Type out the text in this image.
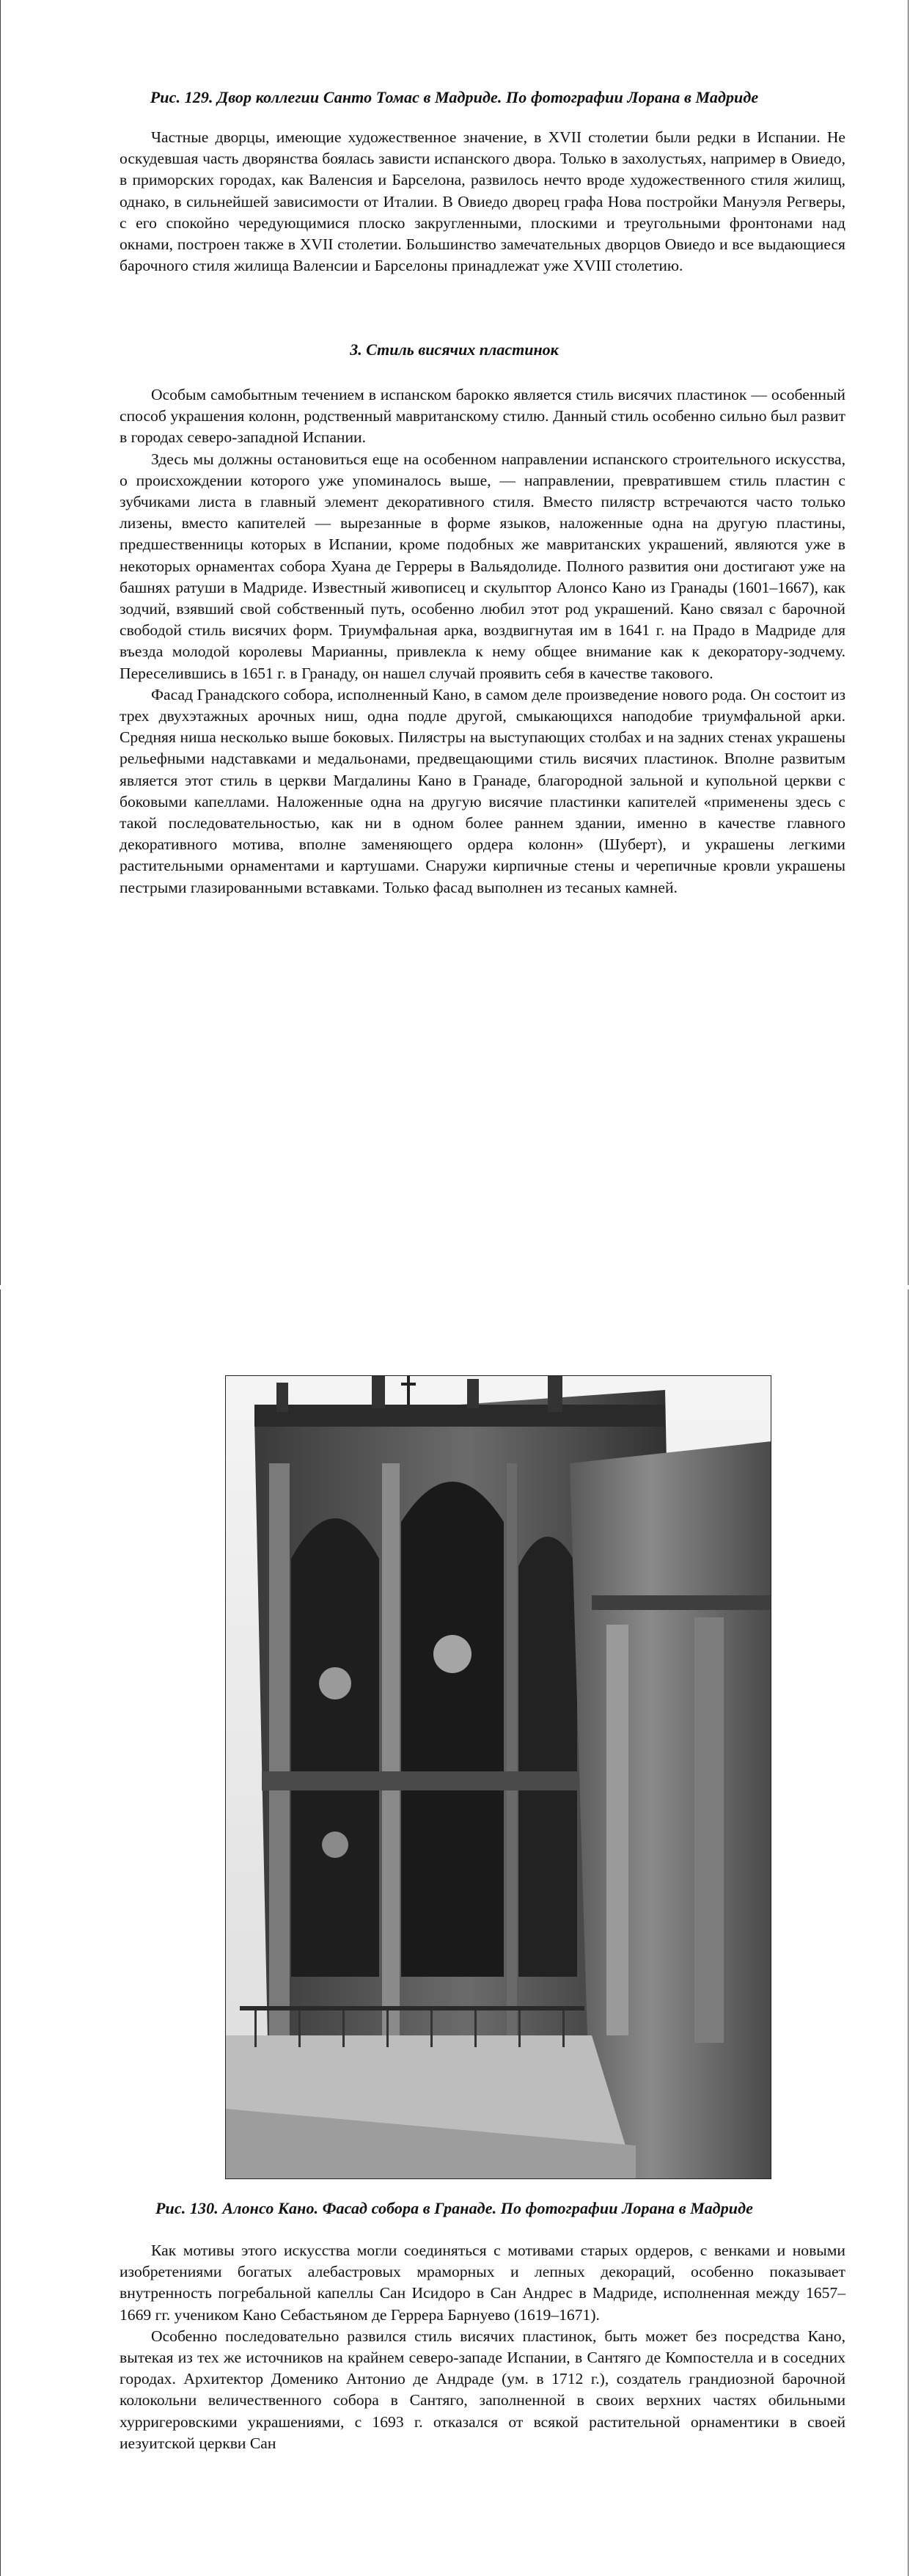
Рис. 129. Двор коллегии Санто Томас в Мадриде. По фотографии Лорана в Мадриде

Частные дворцы, имеющие художественное значение, в XVII столетии были редки в Испании. Не оскудевшая часть дворянства боялась зависти испанского двора. Только в захолустьях, например в Овиедо, в приморских городах, как Валенсия и Барселона, развилось нечто вроде художественного стиля жилищ, однако, в сильнейшей зависимости от Италии. В Овиедо дворец графа Нова постройки Мануэля Регверы, с его спокойно чередующимися плоско закругленными, плоскими и треугольными фронтонами над окнами, построен также в XVII столетии. Большинство замечательных дворцов Овиедо и все выдающиеся барочного стиля жилища Валенсии и Барселоны принадлежат уже XVIII столетию.

3. Стиль висячих пластинок

Особым самобытным течением в испанском барокко является стиль висячих пластинок — особенный способ украшения колонн, родственный мавританскому стилю. Данный стиль особенно сильно был развит в городах северо-западной Испании.

Здесь мы должны остановиться еще на особенном направлении испанского строительного искусства, о происхождении которого уже упоминалось выше, — направлении, превратившем стиль пластин с зубчиками листа в главный элемент декоративного стиля. Вместо пилястр встречаются часто только лизены, вместо капителей — вырезанные в форме языков, наложенные одна на другую пластины, предшественницы которых в Испании, кроме подобных же мавританских украшений, являются уже в некоторых орнаментах собора Хуана де Герреры в Вальядолиде. Полного развития они достигают уже на башнях ратуши в Мадриде. Известный живописец и скульптор Алонсо Кано из Гранады (1601–1667), как зодчий, взявший свой собственный путь, особенно любил этот род украшений. Кано связал с барочной свободой стиль висячих форм. Триумфальная арка, воздвигнутая им в 1641 г. на Прадо в Мадриде для въезда молодой королевы Марианны, привлекла к нему общее внимание как к декоратору-зодчему. Переселившись в 1651 г. в Гранаду, он нашел случай проявить себя в качестве такового.

Фасад Гранадского собора, исполненный Кано, в самом деле произведение нового рода. Он состоит из трех двухэтажных арочных ниш, одна подле другой, смыкающихся наподобие триумфальной арки. Средняя ниша несколько выше боковых. Пилястры на выступающих столбах и на задних стенах украшены рельефными надставками и медальонами, предвещающими стиль висячих пластинок. Вполне развитым является этот стиль в церкви Магдалины Кано в Гранаде, благородной зальной и купольной церкви с боковыми капеллами. Наложенные одна на другую висячие пластинки капителей «применены здесь с такой последовательностью, как ни в одном более раннем здании, именно в качестве главного декоративного мотива, вполне заменяющего ордера колонн» (Шуберт), и украшены легкими растительными орнаментами и картушами. Снаружи кирпичные стены и черепичные кровли украшены пестрыми глазированными вставками. Только фасад выполнен из тесаных камней.

Рис. 130. Алонсо Кано. Фасад собора в Гранаде. По фотографии Лорана в Мадриде

Как мотивы этого искусства могли соединяться с мотивами старых ордеров, с венками и новыми изобретениями богатых алебастровых мраморных и лепных декораций, особенно показывает внутренность погребальной капеллы Сан Исидоро в Сан Андрес в Мадриде, исполненная между 1657–1669 гг. учеником Кано Себастьяном де Геррера Барнуево (1619–1671).

Особенно последовательно развился стиль висячих пластинок, быть может без посредства Кано, вытекая из тех же источников на крайнем северо-западе Испании, в Сантяго де Компостелла и в соседних городах. Архитектор Доменико Антонио де Андраде (ум. в 1712 г.), создатель грандиозной барочной колокольни величественного собора в Сантяго, заполненной в своих верхних частях обильными хурригеровскими украшениями, с 1693 г. отказался от всякой растительной орнаментики в своей иезуитской церкви Сан
